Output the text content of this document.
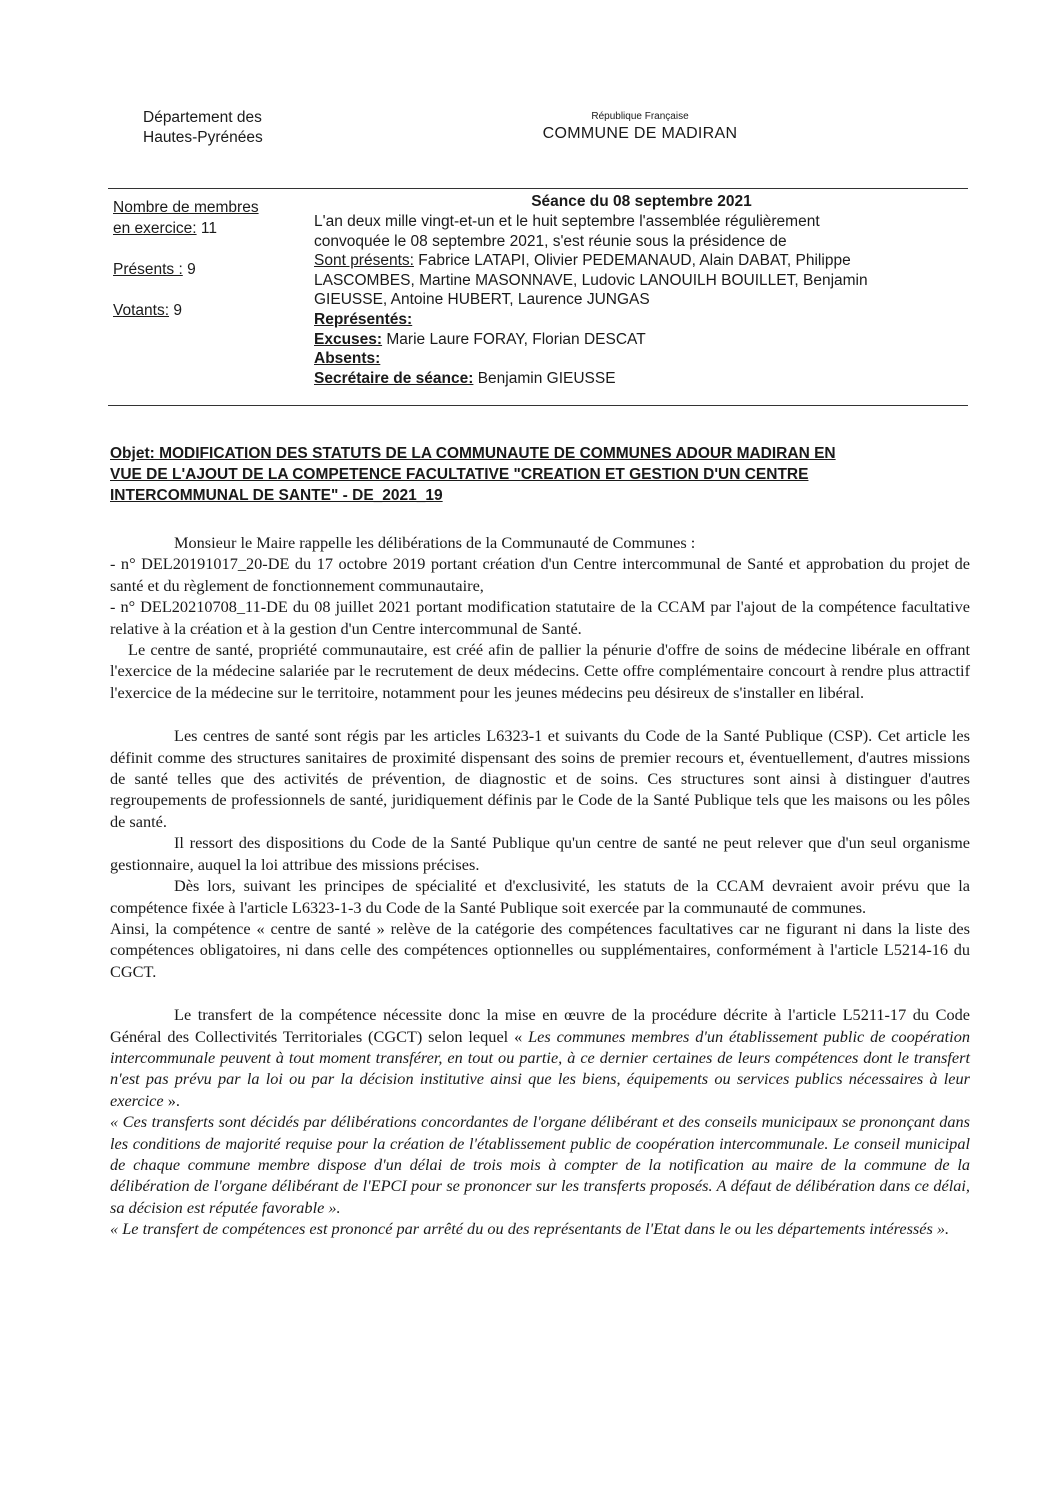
Département des
Hautes-Pyrénées
République Française
COMMUNE DE MADIRAN
Nombre de membres
en exercice: 11
Présents : 9
Votants: 9
Séance du 08 septembre 2021
L'an deux mille vingt-et-un et le huit septembre l'assemblée régulièrement
convoquée le 08 septembre 2021, s'est réunie sous la présidence de
Sont présents: Fabrice LATAPI, Olivier PEDEMANAUD, Alain DABAT, Philippe
LASCOMBES, Martine MASONNAVE, Ludovic LANOUILH BOUILLET, Benjamin
GIEUSSE, Antoine HUBERT, Laurence JUNGAS
Représentés:
Excuses: Marie Laure FORAY, Florian DESCAT
Absents:
Secrétaire de séance: Benjamin GIEUSSE
Objet: MODIFICATION DES STATUTS DE LA COMMUNAUTE DE COMMUNES ADOUR MADIRAN EN
VUE DE L'AJOUT DE LA COMPETENCE FACULTATIVE "CREATION ET GESTION D'UN CENTRE
INTERCOMMUNAL DE SANTE" - DE_2021_19

Monsieur le Maire rappelle les délibérations de la Communauté de Communes :

- n° DEL20191017_20-DE du 17 octobre 2019 portant création d'un Centre intercommunal de Santé et approbation du projet de santé et du règlement de fonctionnement communautaire,

- n° DEL20210708_11-DE du 08 juillet 2021 portant modification statutaire de la CCAM par l'ajout de la compétence facultative relative à la création et à la gestion d'un Centre intercommunal de Santé.

Le centre de santé, propriété communautaire, est créé afin de pallier la pénurie d'offre de soins de médecine libérale en offrant l'exercice de la médecine salariée par le recrutement de deux médecins. Cette offre complémentaire concourt à rendre plus attractif l'exercice de la médecine sur le territoire, notamment pour les jeunes médecins peu désireux de s'installer en libéral.

Les centres de santé sont régis par les articles L6323-1 et suivants du Code de la Santé Publique (CSP). Cet article les définit comme des structures sanitaires de proximité dispensant des soins de premier recours et, éventuellement, d'autres missions de santé telles que des activités de prévention, de diagnostic et de soins. Ces structures sont ainsi à distinguer d'autres regroupements de professionnels de santé, juridiquement définis par le Code de la Santé Publique tels que les maisons ou les pôles de santé.

Il ressort des dispositions du Code de la Santé Publique qu'un centre de santé ne peut relever que d'un seul organisme gestionnaire, auquel la loi attribue des missions précises.

Dès lors, suivant les principes de spécialité et d'exclusivité, les statuts de la CCAM devraient avoir prévu que la compétence fixée à l'article L6323-1-3 du Code de la Santé Publique soit exercée par la communauté de communes.

Ainsi, la compétence « centre de santé » relève de la catégorie des compétences facultatives car ne figurant ni dans la liste des compétences obligatoires, ni dans celle des compétences optionnelles ou supplémentaires, conformément à l'article L5214-16 du CGCT.

Le transfert de la compétence nécessite donc la mise en œuvre de la procédure décrite à l'article L5211-17 du Code Général des Collectivités Territoriales (CGCT) selon lequel « Les communes membres d'un établissement public de coopération intercommunale peuvent à tout moment transférer, en tout ou partie, à ce dernier certaines de leurs compétences dont le transfert n'est pas prévu par la loi ou par la décision institutive ainsi que les biens, équipements ou services publics nécessaires à leur exercice ».

« Ces transferts sont décidés par délibérations concordantes de l'organe délibérant et des conseils municipaux se prononçant dans les conditions de majorité requise pour la création de l'établissement public de coopération intercommunale. Le conseil municipal de chaque commune membre dispose d'un délai de trois mois à compter de la notification au maire de la commune de la délibération de l'organe délibérant de l'EPCI pour se prononcer sur les transferts proposés. A défaut de délibération dans ce délai, sa décision est réputée favorable ».

« Le transfert de compétences est prononcé par arrêté du ou des représentants de l'Etat dans le ou les départements intéressés ».
